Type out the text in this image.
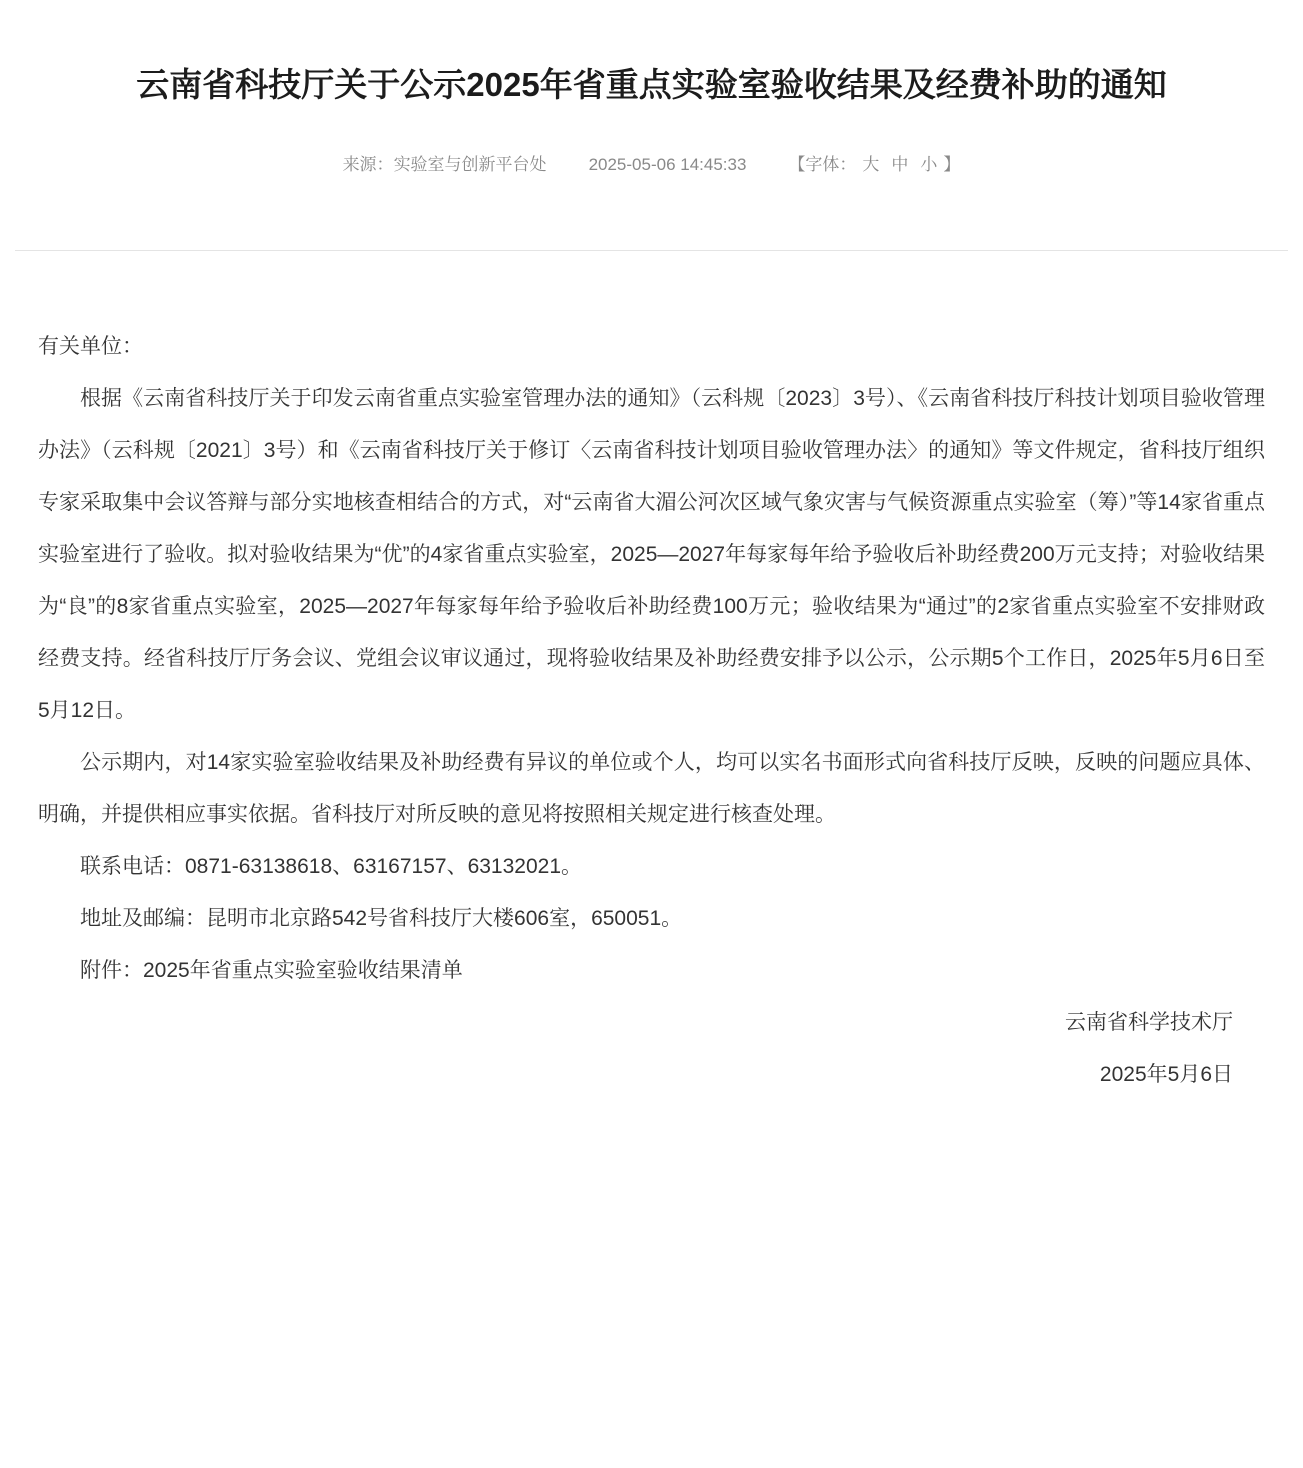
云南省科技厅关于公示2025年省重点实验室验收结果及经费补助的通知
来源：实验室与创新平台处 2025-05-06 14:45:33 【字体： 大 中 小 】

有关单位：

根据《云南省科技厅关于印发云南省重点实验室管理办法的通知》（云科规〔2023〕3号）、《云南省科技厅科技计划项目验收管理办法》（云科规〔2021〕3号）和《云南省科技厅关于修订〈云南省科技计划项目验收管理办法〉的通知》等文件规定，省科技厅组织专家采取集中会议答辩与部分实地核查相结合的方式，对“云南省大湄公河次区域气象灾害与气候资源重点实验室（筹）”等14家省重点实验室进行了验收。拟对验收结果为“优”的4家省重点实验室，2025—2027年每家每年给予验收后补助经费200万元支持；对验收结果为“良”的8家省重点实验室，2025—2027年每家每年给予验收后补助经费100万元；验收结果为“通过”的2家省重点实验室不安排财政经费支持。经省科技厅厅务会议、党组会议审议通过，现将验收结果及补助经费安排予以公示，公示期5个工作日，2025年5月6日至5月12日。

公示期内，对14家实验室验收结果及补助经费有异议的单位或个人，均可以实名书面形式向省科技厅反映，反映的问题应具体、明确，并提供相应事实依据。省科技厅对所反映的意见将按照相关规定进行核查处理。

联系电话：0871-63138618、63167157、63132021。

地址及邮编：昆明市北京路542号省科技厅大楼606室，650051。

附件：2025年省重点实验室验收结果清单

云南省科学技术厅

2025年5月6日
